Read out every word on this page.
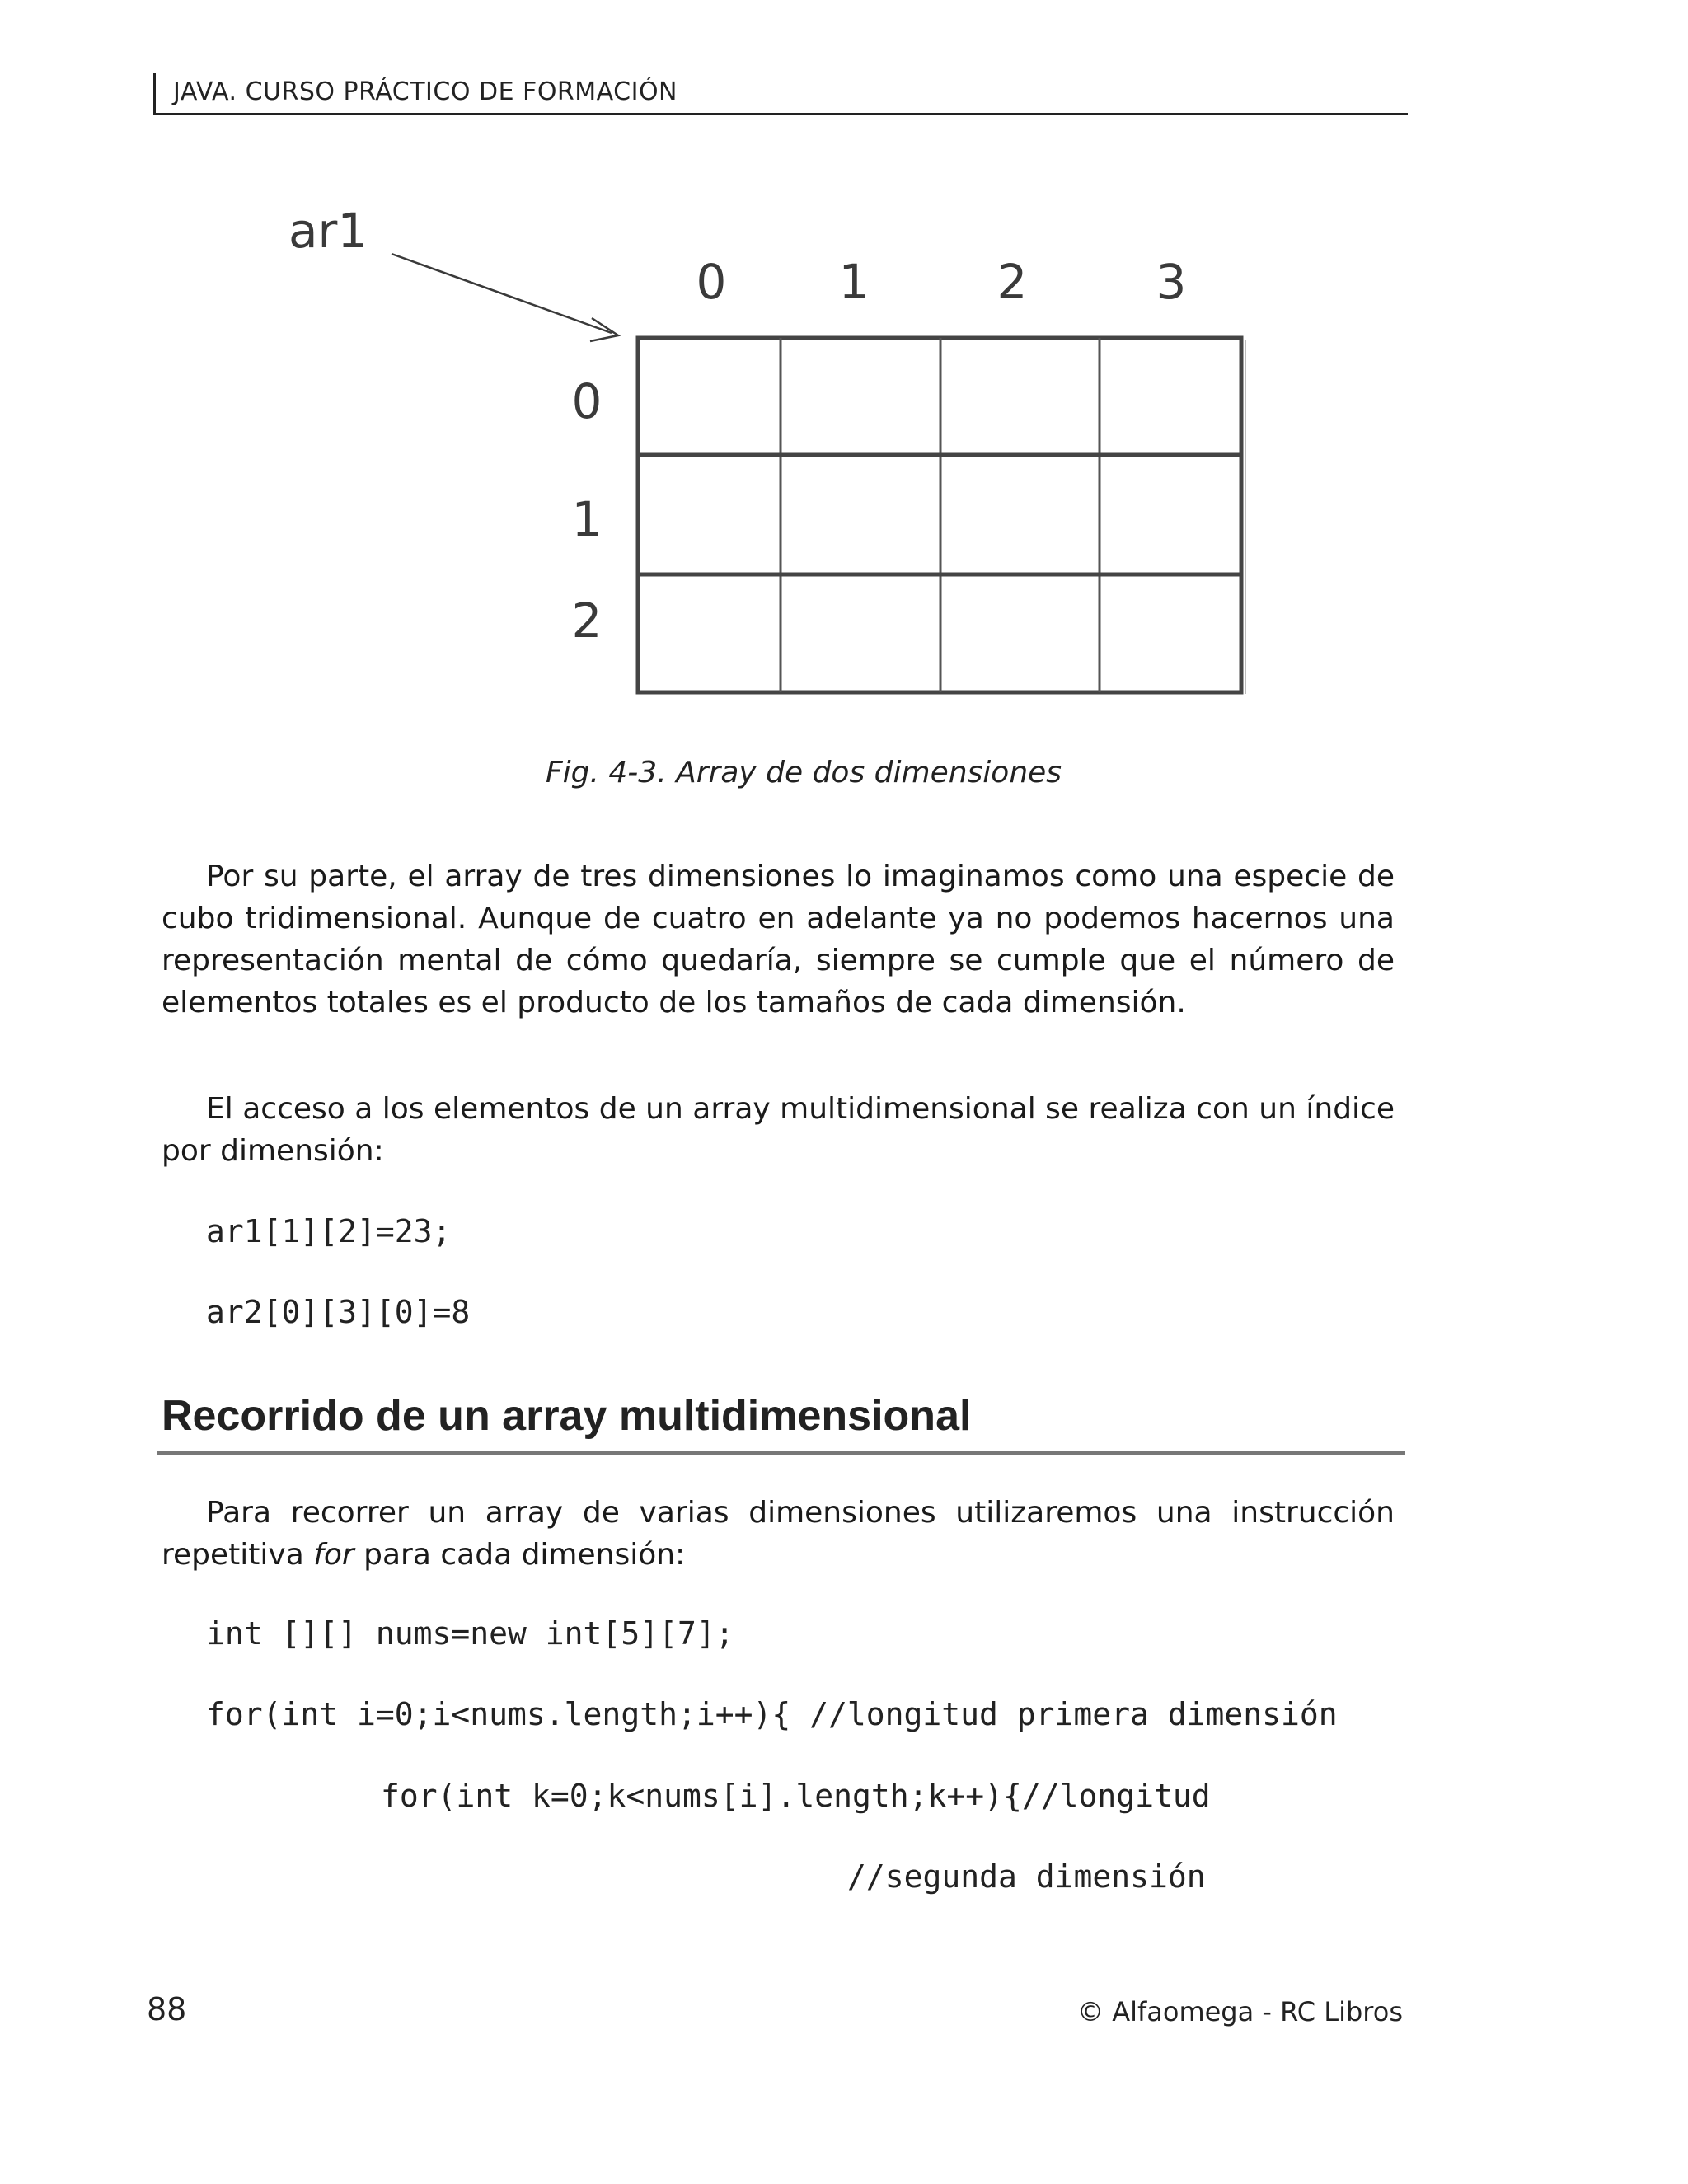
JAVA. CURSO PRÁCTICO DE FORMACIÓN
ar1
0 1	2	3
0
1
2
Fig. 4-3. Array de dos dimensiones
Por su parte, el array de tres dimensiones lo imaginamos como una especie de cubo tridimensional. Aunque de cuatro en adelante ya no podemos hacernos una representación mental de cómo quedaría, siempre se cumple que el número de elementos totales es el producto de los tamaños de cada dimensión.
El acceso a los elementos de un array multidimensional se realiza con un índice por dimensión:
ar1[1][2]=23;
ar2[0][3][0]=8
Recorrido de un array multidimensional
Para recorrer un array de varias dimensiones utilizaremos una instrucción repetitiva for para cada dimensión:
int [][] nums=new int[5][7];
for(int i=0;i<nums.length;i++){ //longitud primera dimensión
for(int k=0;k<nums[i].length;k++){//longitud
//segunda dimensión
88	© Alfaomega - RC Libros
